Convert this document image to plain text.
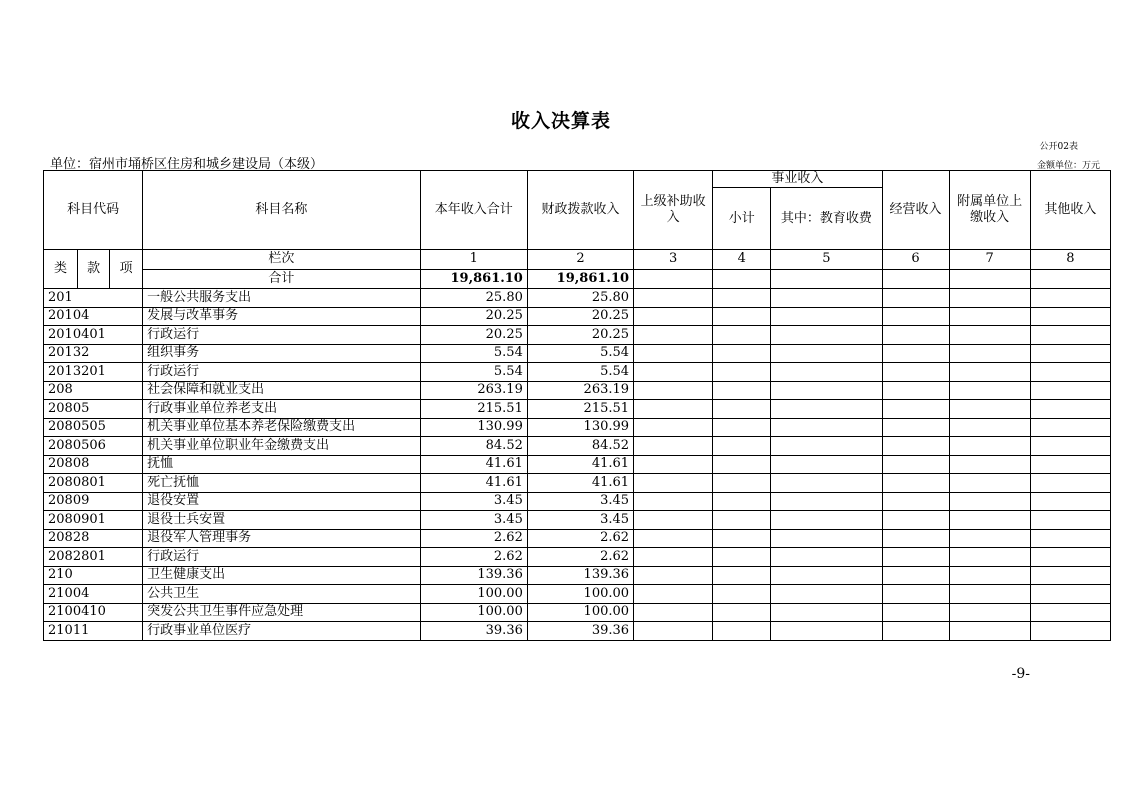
收入决算表
公开02表
单位：宿州市埇桥区住房和城乡建设局（本级）	金额单位：万元
科目代码			科目名称	本年收入合计	财政拨款收入	上级补助收入	事业收入		经营收入	附属单位上缴收入	其他收入
							小计	其中：教育收费			
类	款	项	栏次	1	2	3	4	5	6	7	8
			合计	19,861.10	19,861.10						
201			一般公共服务支出	25.80	25.80						
20104			发展与改革事务	20.25	20.25						
2010401			行政运行	20.25	20.25						
20132			组织事务	5.54	5.54						
2013201			行政运行	5.54	5.54						
208			社会保障和就业支出	263.19	263.19						
20805			行政事业单位养老支出	215.51	215.51						
2080505			机关事业单位基本养老保险缴费支出	130.99	130.99						
2080506			机关事业单位职业年金缴费支出	84.52	84.52						
20808			抚恤	41.61	41.61						
2080801			死亡抚恤	41.61	41.61						
20809			退役安置	3.45	3.45						
2080901			退役士兵安置	3.45	3.45						
20828			退役军人管理事务	2.62	2.62						
2082801			行政运行	2.62	2.62						
210			卫生健康支出	139.36	139.36						
21004			公共卫生	100.00	100.00						
2100410			突发公共卫生事件应急处理	100.00	100.00						
21011			行政事业单位医疗	39.36	39.36						
-9-
